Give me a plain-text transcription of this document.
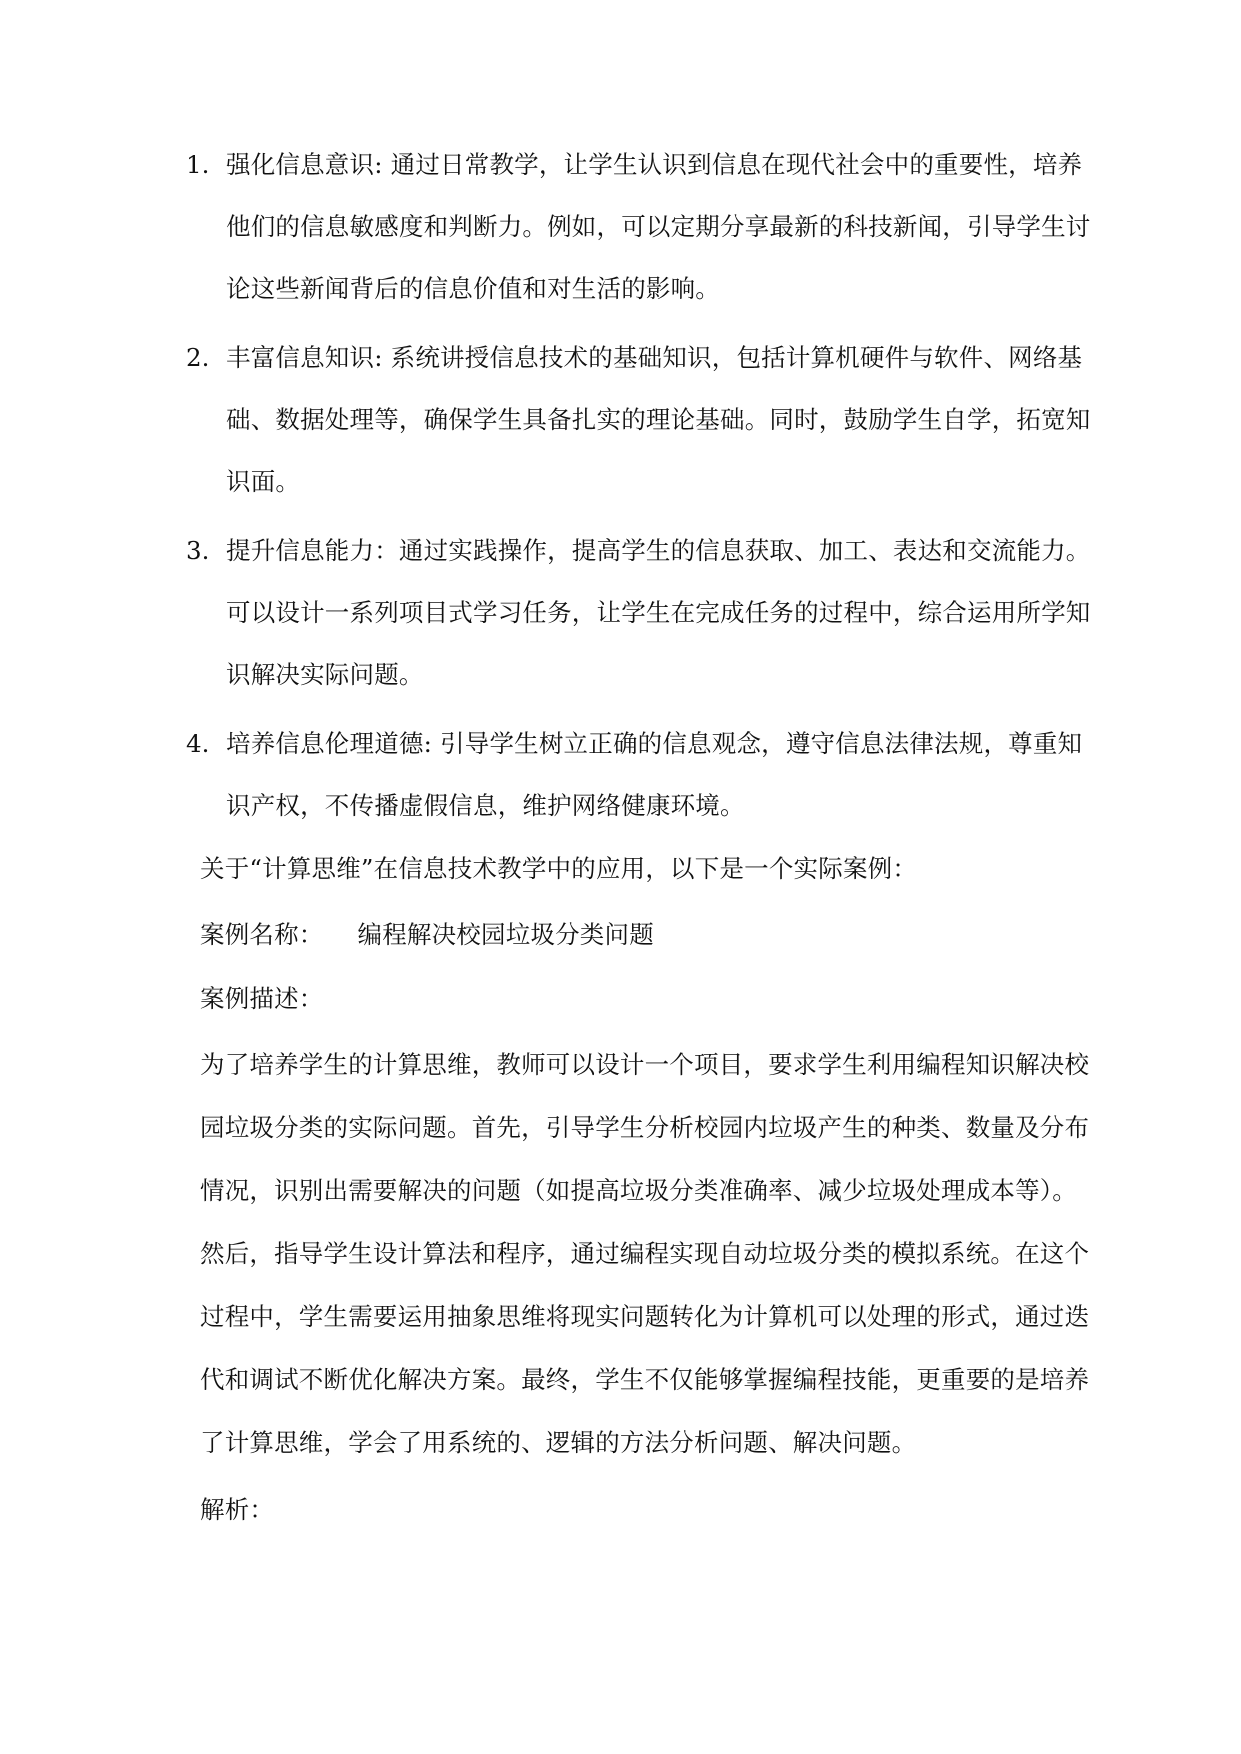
1. 强化信息意识: 通过日常教学，让学生认识到信息在现代社会中的重要性，培养
他们的信息敏感度和判断力。例如，可以定期分享最新的科技新闻，引导学生讨
论这些新闻背后的信息价值和对生活的影响。
2. 丰富信息知识: 系统讲授信息技术的基础知识，包括计算机硬件与软件、网络基
础、数据处理等，确保学生具备扎实的理论基础。同时，鼓励学生自学，拓宽知
识面。
3. 提升信息能力：通过实践操作，提高学生的信息获取、加工、表达和交流能力。
可以设计一系列项目式学习任务，让学生在完成任务的过程中，综合运用所学知
识解决实际问题。
4. 培养信息伦理道德: 引导学生树立正确的信息观念，遵守信息法律法规，尊重知
识产权，不传播虚假信息，维护网络健康环境。
关于“计算思维”在信息技术教学中的应用，以下是一个实际案例：
案例名称： 编程解决校园垃圾分类问题
案例描述：
为了培养学生的计算思维，教师可以设计一个项目，要求学生利用编程知识解决校
园垃圾分类的实际问题。首先，引导学生分析校园内垃圾产生的种类、数量及分布
情况，识别出需要解决的问题（如提高垃圾分类准确率、减少垃圾处理成本等）。
然后，指导学生设计算法和程序，通过编程实现自动垃圾分类的模拟系统。在这个
过程中，学生需要运用抽象思维将现实问题转化为计算机可以处理的形式，通过迭
代和调试不断优化解决方案。最终，学生不仅能够掌握编程技能，更重要的是培养
了计算思维，学会了用系统的、逻辑的方法分析问题、解决问题。
解析：
